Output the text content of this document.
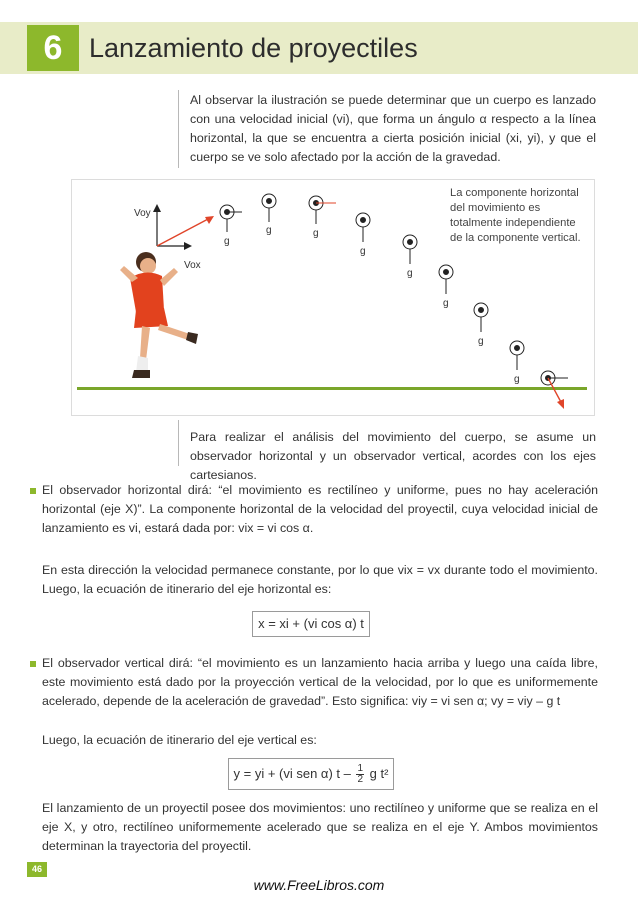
6 Lanzamiento de proyectiles
Al observar la ilustración se puede determinar que un cuerpo es lanzado con una velocidad inicial (vi), que forma un ángulo α respecto a la línea horizontal, la que se encuentra a cierta posición inicial (xi, yi), y que el cuerpo se ve solo afectado por la acción de la gravedad.
Voy
Vox
g
g	g
g
g
g
g
g
La componente horizontal del movimiento es totalmente independiente de la componente vertical.
Para realizar el análisis del movimiento del cuerpo, se asume un observador horizontal y un observador vertical, acordes con los ejes cartesianos.
El observador horizontal dirá: “el movimiento es rectilíneo y uniforme, pues no hay aceleración horizontal (eje X)”. La componente horizontal de la velocidad del proyectil, cuya velocidad inicial de lanzamiento es vi, estará dada por: vix = vi cos α.
En esta dirección la velocidad permanece constante, por lo que vix = vx durante todo el movimiento. Luego, la ecuación de itinerario del eje horizontal es:
x = xi + (vi cos α) t
El observador vertical dirá: “el movimiento es un lanzamiento hacia arriba y luego una caída libre, este movimiento está dado por la proyección vertical de la velocidad, por lo que es uniformemente acelerado, depende de la aceleración de gravedad”. Esto significa: viy = vi sen α; vy = viy – g t
Luego, la ecuación de itinerario del eje vertical es:
y = yi + (vi sen α) t – $\frac{1}{2}$ g t²
El lanzamiento de un proyectil posee dos movimientos: uno rectilíneo y uniforme que se realiza en el eje X, y otro, rectilíneo uniformemente acelerado que se realiza en el eje Y. Ambos movimientos determinan la trayectoria del proyectil.
46
www.FreeLibros.com
